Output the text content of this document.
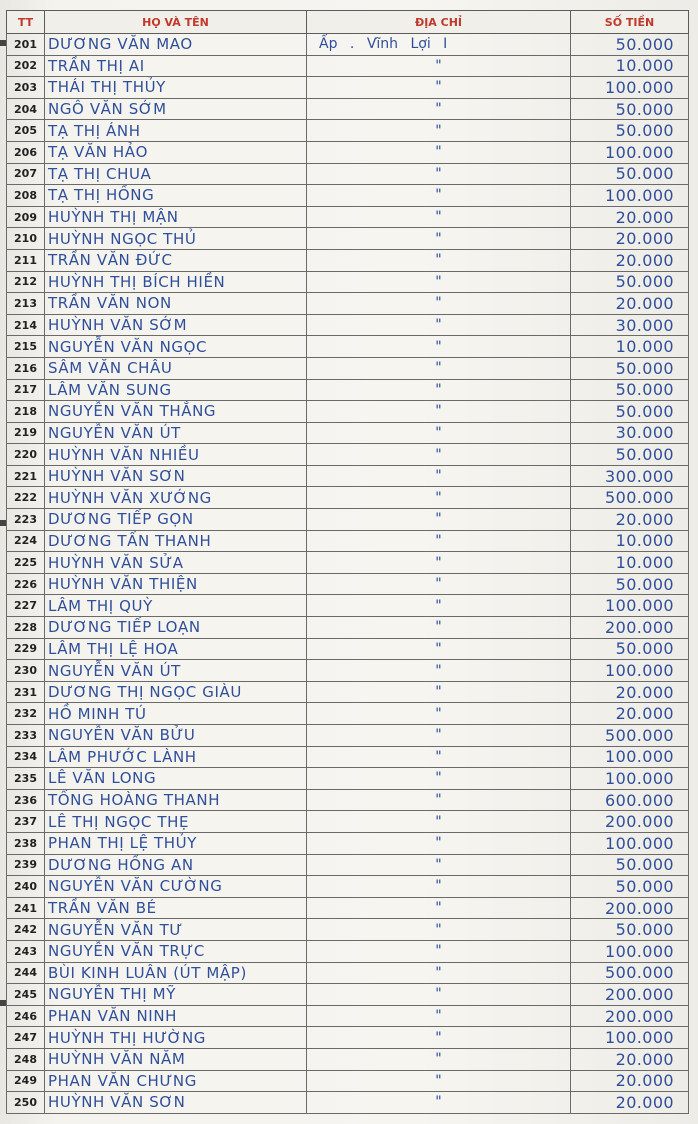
TT	HỌ VÀ TÊN	ĐỊA CHỈ	SỐ TIỀN
201	DƯƠNG VĂN MAO	Ấp . Vĩnh Lợi I	50.000
202	TRẦN THỊ AI	"	10.000
203	THÁI THỊ THỦY	"	100.000
204	NGÔ VĂN SỚM	"	50.000
205	TẠ THỊ ÁNH	"	50.000
206	TẠ VĂN HẢO	"	100.000
207	TẠ THỊ CHUA	"	50.000
208	TẠ THỊ HỒNG	"	100.000
209	HUỲNH THỊ MẬN	"	20.000
210	HUỲNH NGỌC THỦ	"	20.000
211	TRẦN VĂN ĐỨC	"	20.000
212	HUỲNH THỊ BÍCH HIỀN	"	50.000
213	TRẦN VĂN NON	"	20.000
214	HUỲNH VĂN SỚM	"	30.000
215	NGUYỄN VĂN NGỌC	"	10.000
216	SÂM VĂN CHÂU	"	50.000
217	LÂM VĂN SUNG	"	50.000
218	NGUYỄN VĂN THẮNG	"	50.000
219	NGUYỄN VĂN ÚT	"	30.000
220	HUỲNH VĂN NHIỀU	"	50.000
221	HUỲNH VĂN SƠN	"	300.000
222	HUỲNH VĂN XƯỚNG	"	500.000
223	DƯƠNG TIẾP GỌN	"	20.000
224	DƯƠNG TẤN THANH	"	10.000
225	HUỲNH VĂN SỬA	"	10.000
226	HUỲNH VĂN THIỆN	"	50.000
227	LÂM THỊ QUỲ	"	100.000
228	DƯƠNG TIẾP LOẠN	"	200.000
229	LÂM THỊ LỆ HOA	"	50.000
230	NGUYỄN VĂN ÚT	"	100.000
231	DƯƠNG THỊ NGỌC GIÀU	"	20.000
232	HỒ MINH TÚ	"	20.000
233	NGUYỄN VĂN BỬU	"	500.000
234	LÂM PHƯỚC LÀNH	"	100.000
235	LÊ VĂN LONG	"	100.000
236	TỐNG HOÀNG THANH	"	600.000
237	LÊ THỊ NGỌC THẸ	"	200.000
238	PHAN THỊ LỆ THỦY	"	100.000
239	DƯƠNG HỒNG AN	"	50.000
240	NGUYỄN VĂN CƯỜNG	"	50.000
241	TRẦN VĂN BÉ	"	200.000
242	NGUYỄN VĂN TƯ	"	50.000
243	NGUYỄN VĂN TRỰC	"	100.000
244	BÙI KINH LUÂN (ÚT MẬP)	"	500.000
245	NGUYỄN THỊ MỸ	"	200.000
246	PHAN VĂN NINH	"	200.000
247	HUỲNH THỊ HƯỜNG	"	100.000
248	HUỲNH VĂN NĂM	"	20.000
249	PHAN VĂN CHƯNG	"	20.000
250	HUỲNH VĂN SƠN	"	20.000
